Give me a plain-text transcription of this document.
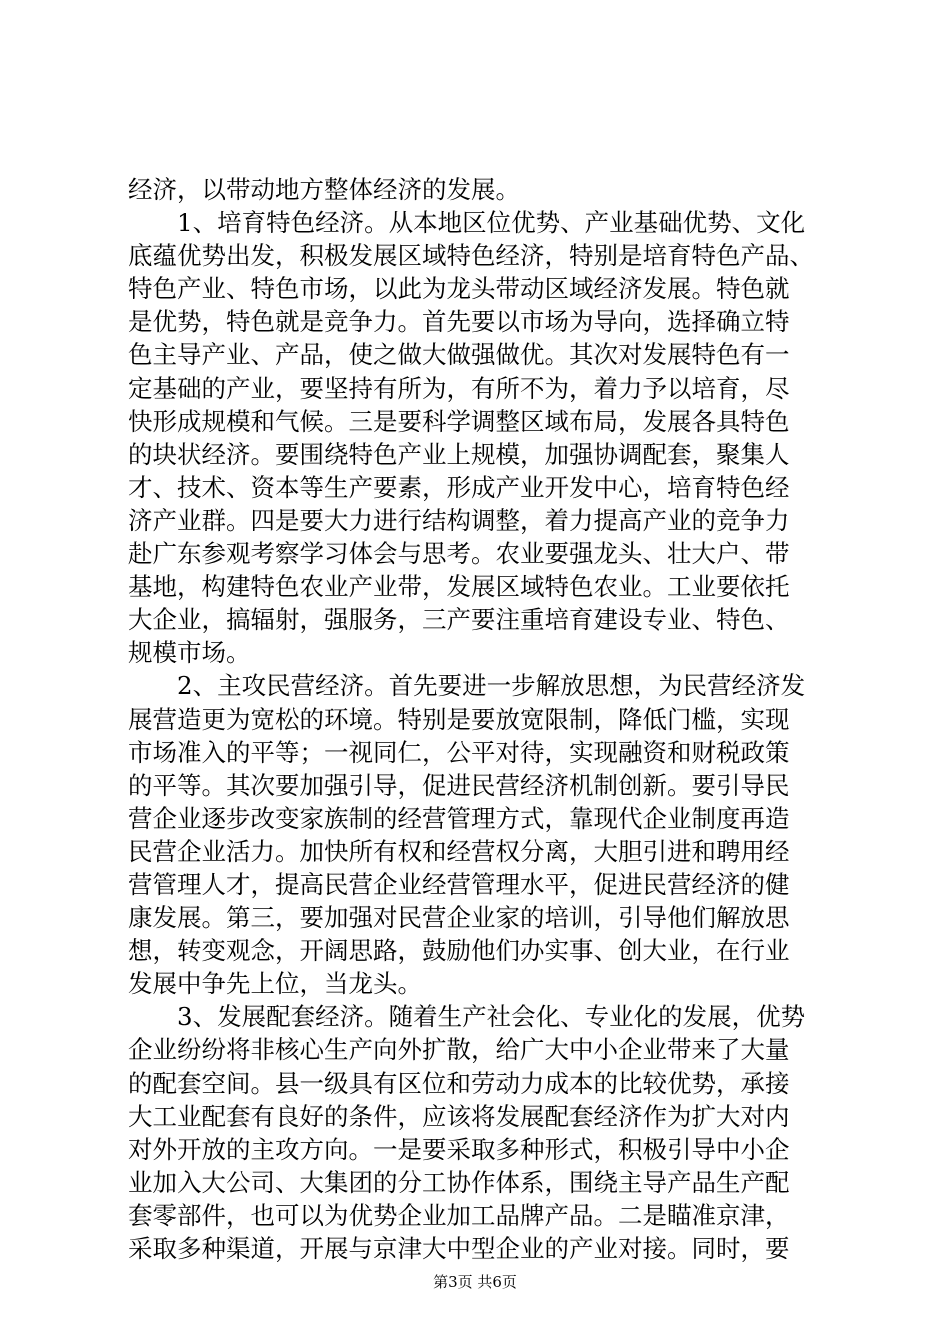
经济，以带动地方整体经济的发展。
　　1、培育特色经济。从本地区位优势、产业基础优势、文化
底蕴优势出发，积极发展区域特色经济，特别是培育特色产品、
特色产业、特色市场，以此为龙头带动区域经济发展。特色就
是优势，特色就是竞争力。首先要以市场为导向，选择确立特
色主导产业、产品，使之做大做强做优。其次对发展特色有一
定基础的产业，要坚持有所为，有所不为，着力予以培育，尽
快形成规模和气候。三是要科学调整区域布局，发展各具特色
的块状经济。要围绕特色产业上规模，加强协调配套，聚集人
才、技术、资本等生产要素，形成产业开发中心，培育特色经
济产业群。四是要大力进行结构调整，着力提高产业的竞争力
赴广东参观考察学习体会与思考。农业要强龙头、壮大户、带
基地，构建特色农业产业带，发展区域特色农业。工业要依托
大企业，搞辐射，强服务，三产要注重培育建设专业、特色、
规模市场。
　　2、主攻民营经济。首先要进一步解放思想，为民营经济发
展营造更为宽松的环境。特别是要放宽限制，降低门槛，实现
市场准入的平等；一视同仁，公平对待，实现融资和财税政策
的平等。其次要加强引导，促进民营经济机制创新。要引导民
营企业逐步改变家族制的经营管理方式，靠现代企业制度再造
民营企业活力。加快所有权和经营权分离，大胆引进和聘用经
营管理人才，提高民营企业经营管理水平，促进民营经济的健
康发展。第三，要加强对民营企业家的培训，引导他们解放思
想，转变观念，开阔思路，鼓励他们办实事、创大业，在行业
发展中争先上位，当龙头。
　　3、发展配套经济。随着生产社会化、专业化的发展，优势
企业纷纷将非核心生产向外扩散，给广大中小企业带来了大量
的配套空间。县一级具有区位和劳动力成本的比较优势，承接
大工业配套有良好的条件，应该将发展配套经济作为扩大对内
对外开放的主攻方向。一是要采取多种形式，积极引导中小企
业加入大公司、大集团的分工协作体系，围绕主导产品生产配
套零部件，也可以为优势企业加工品牌产品。二是瞄准京津，
采取多种渠道，开展与京津大中型企业的产业对接。同时，要
第3页 共6页
